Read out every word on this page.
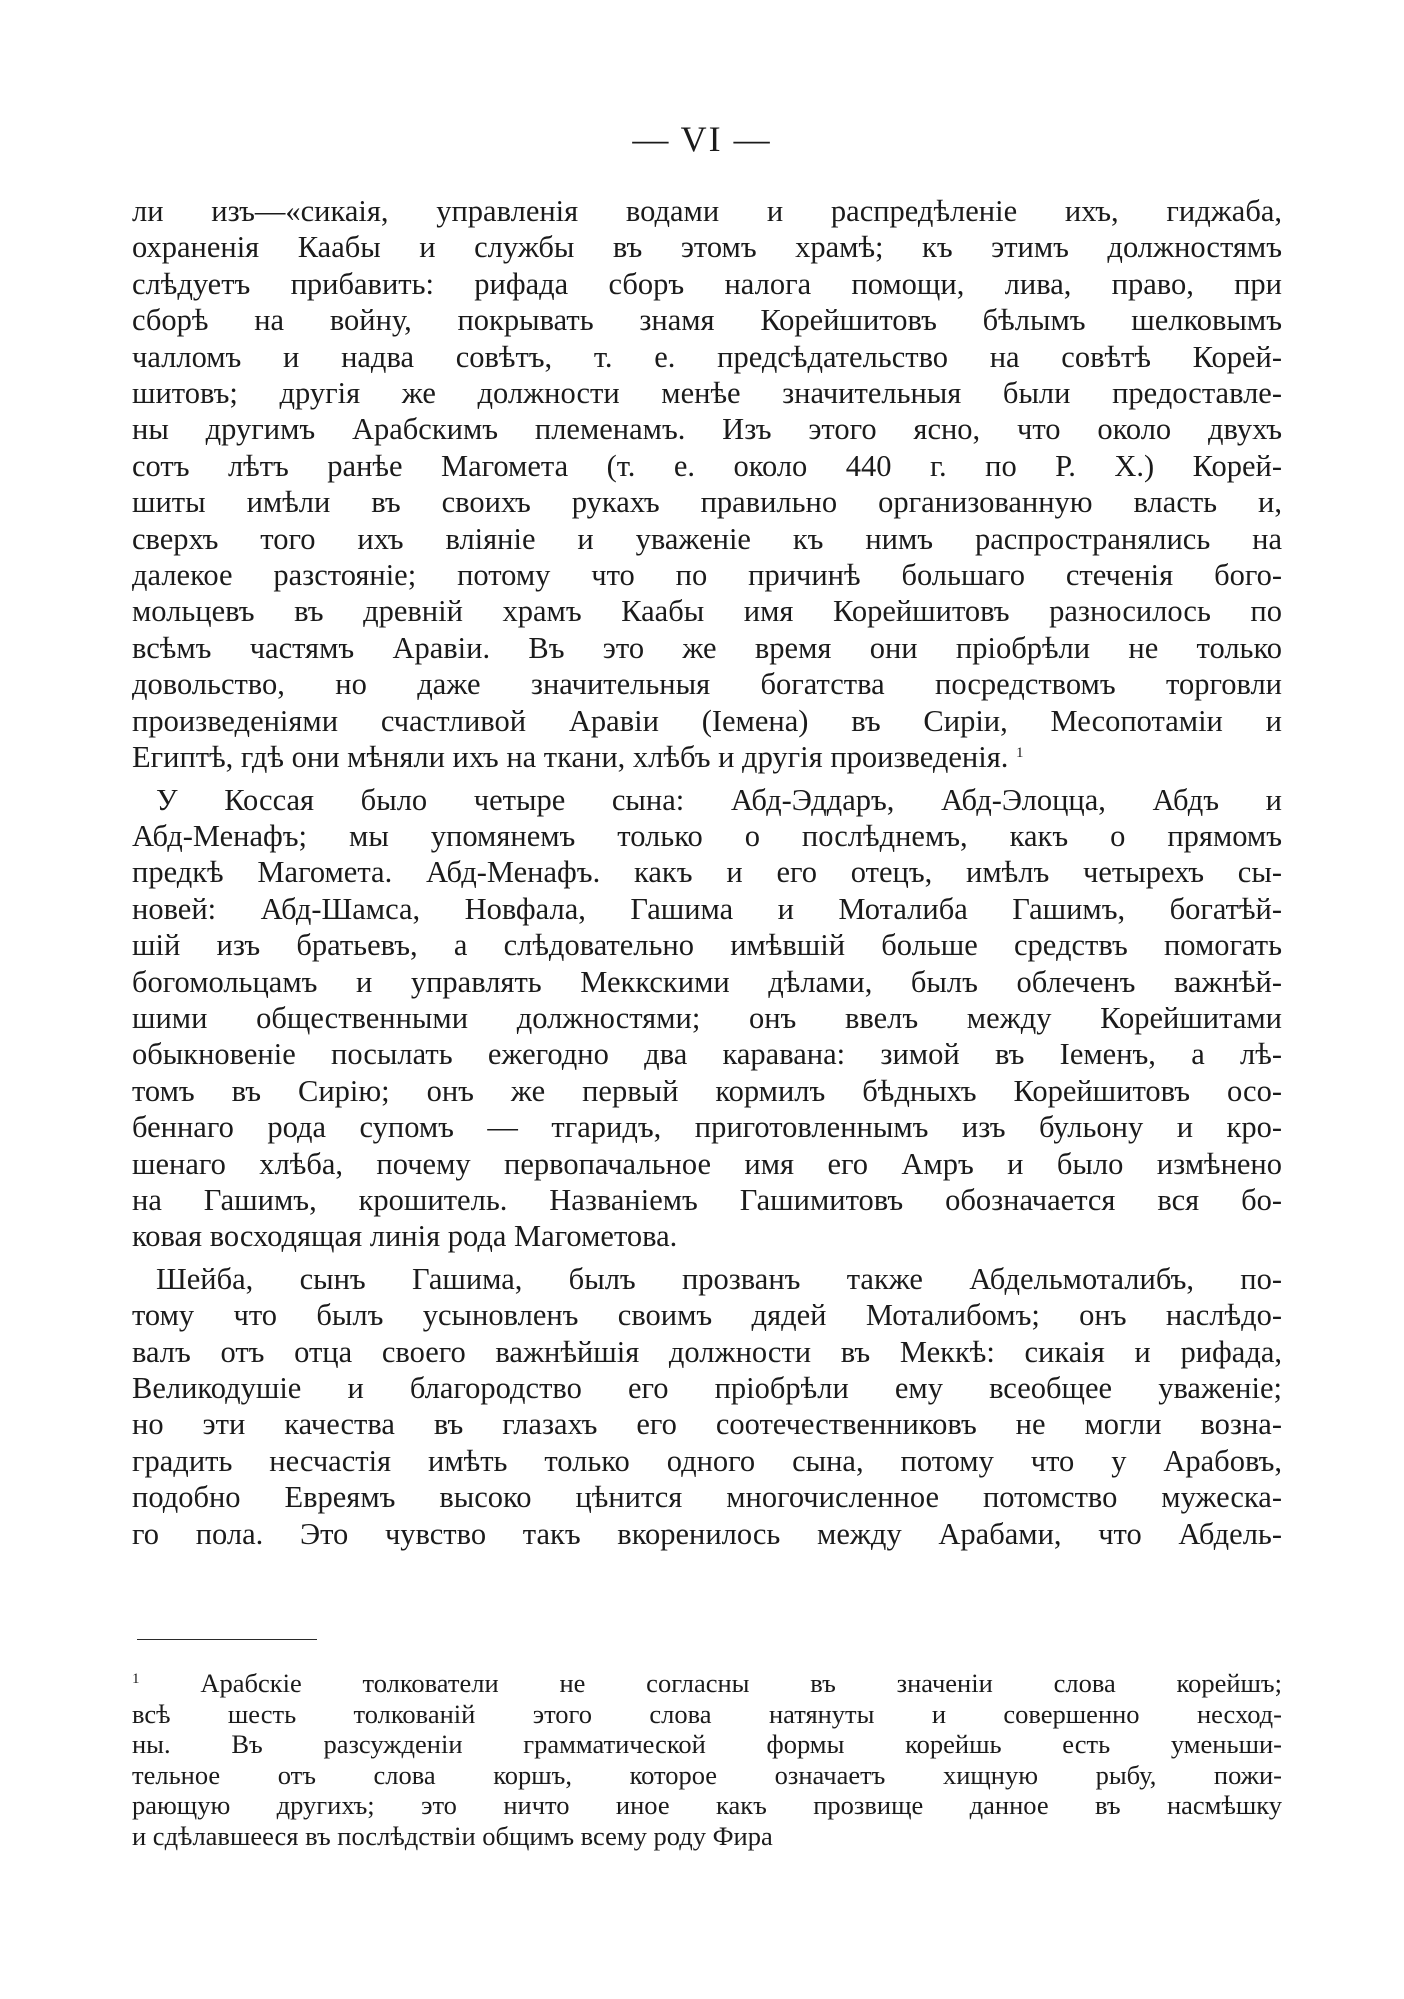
— VI —
ли изъ—«сикаія, управленія водами и распредѣленіе ихъ, гиджаба,
охраненія Каабы и службы въ этомъ храмѣ; къ этимъ должностямъ
слѣдуетъ прибавить: рифада сборъ налога помощи, лива, право, при
сборѣ на войну, покрывать знамя Корейшитовъ бѣлымъ шелковымъ
чалломъ и надва совѣтъ, т. е. предсѣдательство на совѣтѣ Корей-
шитовъ; другія же должности менѣе значительныя были предоставле-
ны другимъ Арабскимъ племенамъ. Изъ этого ясно, что около двухъ
сотъ лѣтъ ранѣе Магомета (т. е. около 440 г. по Р. Х.) Корей-
шиты имѣли въ своихъ рукахъ правильно организованную власть и,
сверхъ того ихъ вліяніе и уваженіе къ нимъ распространялись на
далекое разстояніе; потому что по причинѣ большаго стеченія бого-
мольцевъ въ древній храмъ Каабы имя Корейшитовъ разносилось по
всѣмъ частямъ Аравіи. Въ это же время они пріобрѣли не только
довольство, но даже значительныя богатства посредствомъ торговли
произведеніями счастливой Аравіи (Іемена) въ Сиріи, Месопотаміи и
Египтѣ, гдѣ они мѣняли ихъ на ткани, хлѣбъ и другія произведенія. $^1$
У Коссая было четыре сына: Абд-Эддаръ, Абд-Элоцца, Абдъ и
Абд-Менафъ; мы упомянемъ только о послѣднемъ, какъ о прямомъ
предкѣ Магомета. Абд-Менафъ. какъ и его отецъ, имѣлъ четырехъ сы-
новей: Абд-Шамса, Новфала, Гашима и Моталиба Гашимъ, богатѣй-
шій изъ братьевъ, а слѣдовательно имѣвшій больше средствъ помогать
богомольцамъ и управлять Меккскими дѣлами, былъ облеченъ важнѣй-
шими общественными должностями; онъ ввелъ между Корейшитами
обыкновеніе посылать ежегодно два каравана: зимой въ Іеменъ, а лѣ-
томъ въ Сирію; онъ же первый кормилъ бѣдныхъ Корейшитовъ осо-
беннаго рода супомъ — тгаридъ, приготовленнымъ изъ бульону и кро-
шенаго хлѣба, почему первопачальное имя его Амръ и было измѣнено
на Гашимъ, крошитель. Названіемъ Гашимитовъ обозначается вся бо-
ковая восходящая линія рода Магометова.
Шейба, сынъ Гашима, былъ прозванъ также Абдельмоталибъ, по-
тому что былъ усыновленъ своимъ дядей Моталибомъ; онъ наслѣдо-
валъ отъ отца своего важнѣйшія должности въ Меккѣ: сикаія и рифада,
Великодушіе и благородство его пріобрѣли ему всеобщее уваженіе;
но эти качества въ глазахъ его соотечественниковъ не могли возна-
градить несчастія имѣть только одного сына, потому что у Арабовъ,
подобно Евреямъ высоко цѣнится многочисленное потомство мужеска-
го пола. Это чувство такъ вкоренилось между Арабами, что Абдель-
$^1$ Арабскіе толкователи не согласны въ значеніи слова корейшъ;
всѣ шесть толкованій этого слова натянуты и совершенно несход-
ны. Въ разсужденіи грамматической формы корейшь есть уменьши-
тельное отъ слова коршъ, которое означаетъ хищную рыбу, пожи-
рающую другихъ; это ничто иное какъ прозвище данное въ насмѣшку
и сдѣлавшееся въ послѣдствіи общимъ всему роду Фира
